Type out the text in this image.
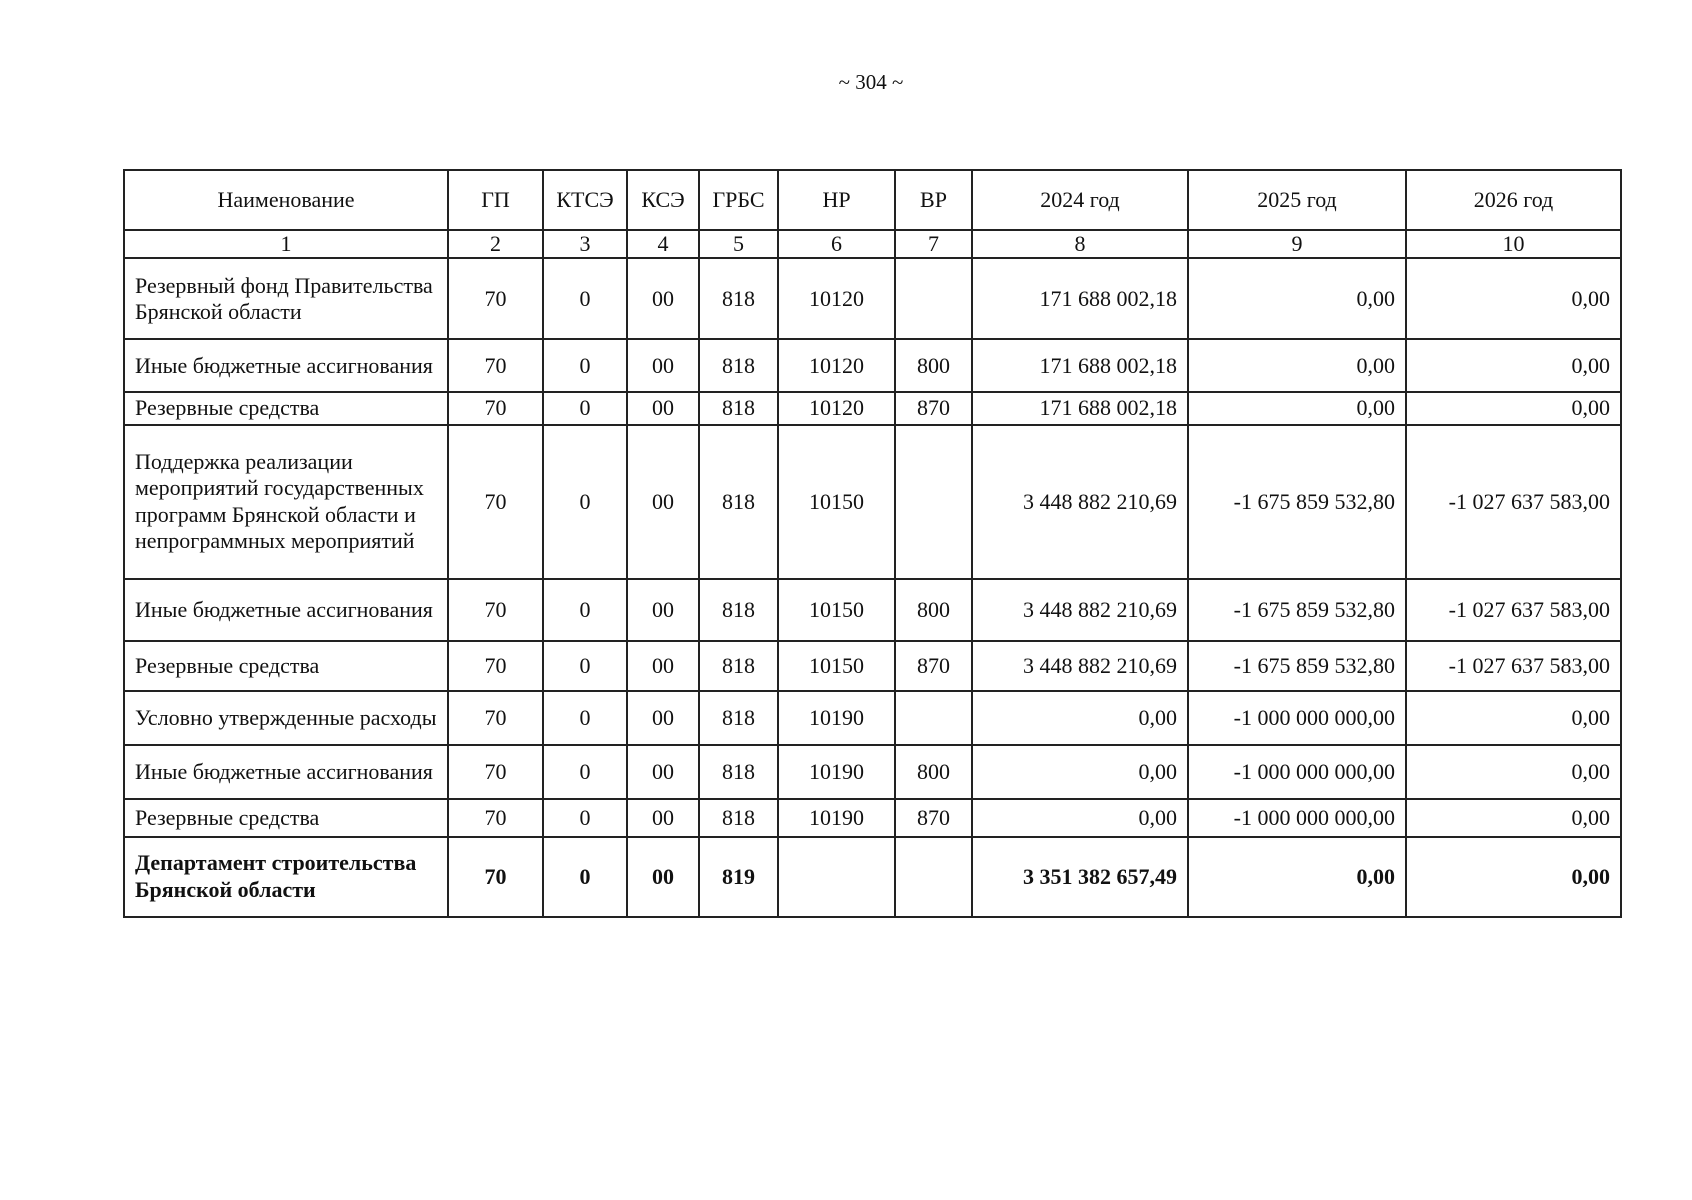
~ 304 ~
Наименование	ГП	КТСЭ	КСЭ	ГРБС	НР	ВР	2024 год	2025 год	2026 год
1	2	3	4	5	6	7	8	9	10
Резервный фонд Правительства Брянской области	70	0	00	818	10120		171 688 002,18	0,00	0,00
Иные бюджетные ассигнования	70	0	00	818	10120	800	171 688 002,18	0,00	0,00
Резервные средства	70	0	00	818	10120	870	171 688 002,18	0,00	0,00
Поддержка реализации мероприятий государственных программ Брянской области и непрограммных мероприятий	70	0	00	818	10150		3 448 882 210,69	-1 675 859 532,80	-1 027 637 583,00
Иные бюджетные ассигнования	70	0	00	818	10150	800	3 448 882 210,69	-1 675 859 532,80	-1 027 637 583,00
Резервные средства	70	0	00	818	10150	870	3 448 882 210,69	-1 675 859 532,80	-1 027 637 583,00
Условно утвержденные расходы	70	0	00	818	10190		0,00	-1 000 000 000,00	0,00
Иные бюджетные ассигнования	70	0	00	818	10190	800	0,00	-1 000 000 000,00	0,00
Резервные средства	70	0	00	818	10190	870	0,00	-1 000 000 000,00	0,00
Департамент строительства Брянской области	70	0	00	819			3 351 382 657,49	0,00	0,00
